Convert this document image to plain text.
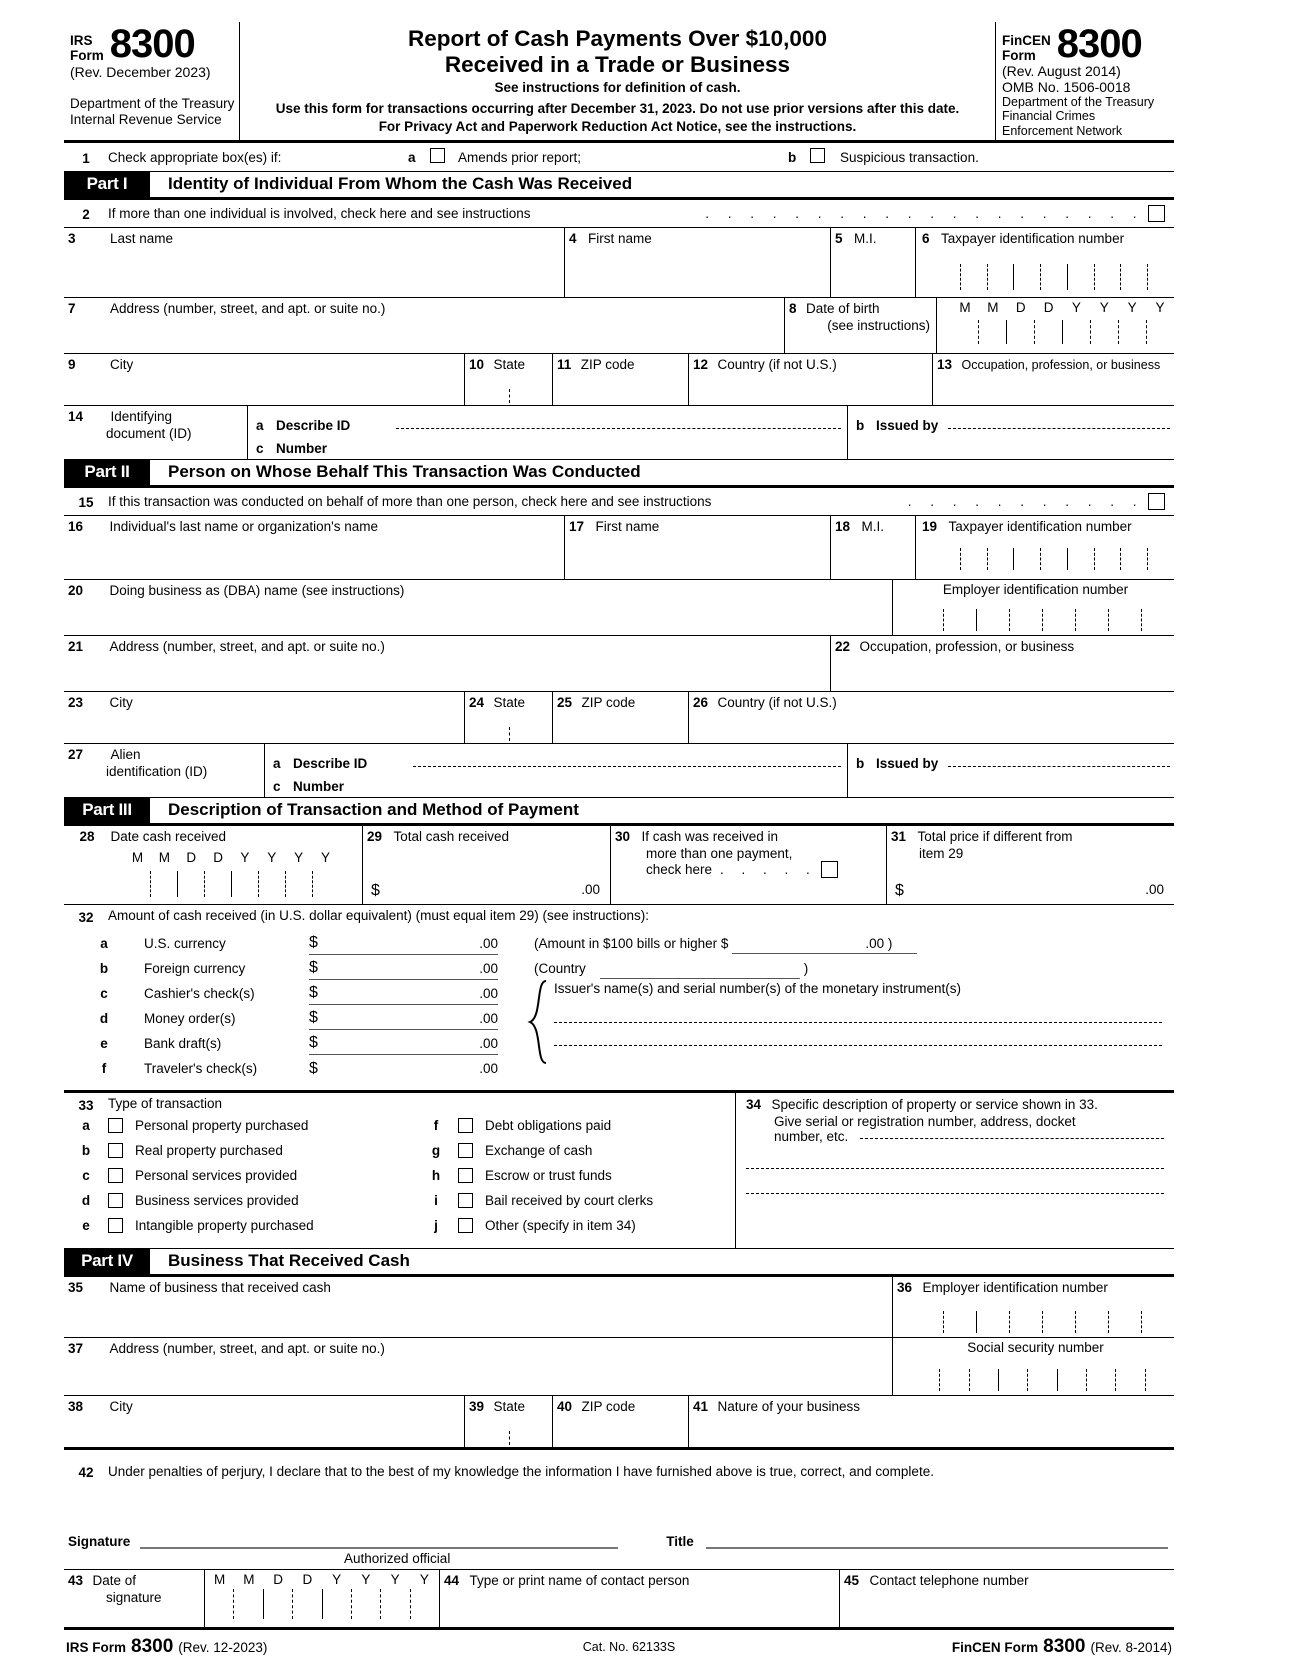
IRS
Form 8300
(Rev. December 2023)
Department of the Treasury
Internal Revenue Service
Report of Cash Payments Over $10,000
Received in a Trade or Business
See instructions for definition of cash.
Use this form for transactions occurring after December 31, 2023. Do not use prior versions after this date.
For Privacy Act and Paperwork Reduction Act Notice, see the instructions.
FinCEN
Form 8300
(Rev. August 2014)
OMB No. 1506-0018
Department of the Treasury
Financial Crimes
Enforcement Network
1	Check appropriate box(es) if:	a	Amends prior report;	b	Suspicious transaction.
Part I	Identity of Individual From Whom the Cash Was Received
2	If more than one individual is involved, check here and see instructions	. . . . . . . . . . . . . . . . . . . .
3	Last name	4 First name	5 M.I.	6 Taxpayer identification number
7	Address (number, street, and apt. or suite no.)	8 Date of birth
(see instructions)
M	M	D	D	Y	Y	Y	Y
9	City	10 State	11 ZIP code	12 Country (if not U.S.)	13 Occupation, profession, or business
14 Identifying
document (ID)
a Describe ID
c Number
b Issued by
Part II	Person on Whose Behalf This Transaction Was Conducted
15	If this transaction was conducted on behalf of more than one person, check here and see instructions	. . . . . . . . . . .
16 Individual's last name or organization's name	17 First name	18 M.I.	19 Taxpayer identification number
20 Doing business as (DBA) name (see instructions)	Employer identification number
21 Address (number, street, and apt. or suite no.)	22 Occupation, profession, or business
23 City	24 State	25 ZIP code	26 Country (if not U.S.)
27 Alien
identification (ID)
a Describe ID
c Number
b Issued by
Part III	Description of Transaction and Method of Payment
28 Date cash received
M	M	D	D	Y	Y	Y	Y
29 Total cash received
$	.00
30 If cash was received in
more than one payment,
check here . . . . .
31 Total price if different from
item 29
$	.00
32	Amount of cash received (in U.S. dollar equivalent) (must equal item 29) (see instructions):
a	U.S. currency	$	.00
b	Foreign currency	$	.00
c	Cashier's check(s)	$	.00
d	Money order(s)	$	.00
e	Bank draft(s)	$	.00
f	Traveler's check(s)	$	.00
(Amount in $100 bills or higher $	.00 )
(Country	)
Issuer's name(s) and serial number(s) of the monetary instrument(s)
33	Type of transaction
a	Personal property purchased
b	Real property purchased
c	Personal services provided
d	Business services provided
e	Intangible property purchased
f	Debt obligations paid
g	Exchange of cash
h	Escrow or trust funds
i	Bail received by court clerks
j	Other (specify in item 34)
34 Specific description of property or service shown in 33.
Give serial or registration number, address, docket
number, etc.
Part IV	Business That Received Cash
35 Name of business that received cash	36 Employer identification number
37 Address (number, street, and apt. or suite no.)	Social security number
38 City	39 State	40 ZIP code	41 Nature of your business
42	Under penalties of perjury, I declare that to the best of my knowledge the information I have furnished above is true, correct, and complete.
Signature	Title
Authorized official
43 Date of
signature
M	M	D	D	Y	Y	Y	Y	44 Type or print name of contact person	45 Contact telephone number
IRS Form 8300 (Rev. 12-2023)	Cat. No. 62133S	FinCEN Form 8300 (Rev. 8-2014)
